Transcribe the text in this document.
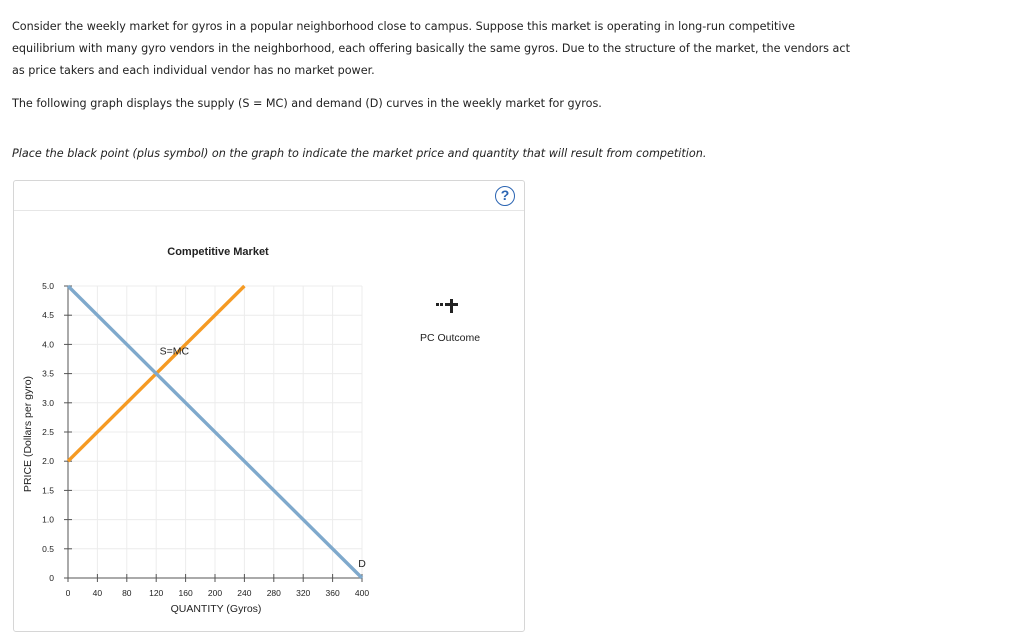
Consider the weekly market for gyros in a popular neighborhood close to campus. Suppose this market is operating in long-run competitive equilibrium with many gyro vendors in the neighborhood, each offering basically the same gyros. Due to the structure of the market, the vendors act as price takers and each individual vendor has no market power.

The following graph displays the supply (S = MC) and demand (D) curves in the weekly market for gyros.

Place the black point (plus symbol) on the graph to indicate the market price and quantity that will result from competition.

?
Competitive Market
0	40 80 120 160 200 240 280 320 360 400
0
0.5
1.0
1.5
2.0
2.5
3.0
3.5
4.0
4.5
5.0
S=MC
D
QUANTITY (Gyros)
PRICE (Dollars per gyro)
PC Outcome
